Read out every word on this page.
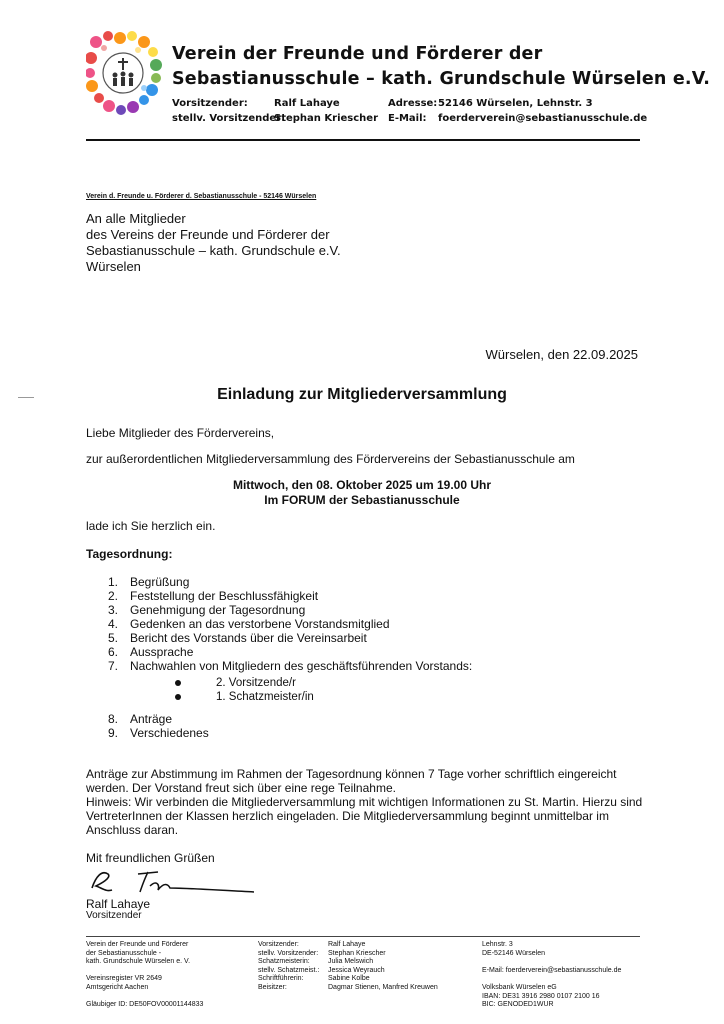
Verein der Freunde und Förderer der
Sebastianusschule – kath. Grundschule Würselen e.V.
Vorsitzender:	Ralf Lahaye
stellv. Vorsitzender:
Stephan Kriescher
Adresse: 52146 Würselen, Lehnstr. 3
E-Mail: foerderverein@sebastianusschule.de
Verein d. Freunde u. Förderer d. Sebastianusschule - 52146 Würselen
An alle Mitglieder
des Vereins der Freunde und Förderer der
Sebastianusschule – kath. Grundschule e.V.
Würselen
Würselen, den 22.09.2025
Einladung zur Mitgliederversammlung
Liebe Mitglieder des Fördervereins,
zur außerordentlichen Mitgliederversammlung des Fördervereins der Sebastianusschule am
Mittwoch, den 08. Oktober 2025 um 19.00 Uhr
Im FORUM der Sebastianusschule
lade ich Sie herzlich ein.
Tagesordnung:
1. Begrüßung
2. Feststellung der Beschlussfähigkeit
3. Genehmigung der Tagesordnung
4. Gedenken an das verstorbene Vorstandsmitglied
5. Bericht des Vorstands über die Vereinsarbeit
6. Aussprache
7. Nachwahlen von Mitgliedern des geschäftsführenden Vorstands:
2. Vorsitzende/r
1. Schatzmeister/in
8. Anträge
9. Verschiedenes
Anträge zur Abstimmung im Rahmen der Tagesordnung können 7 Tage vorher schriftlich eingereicht
werden. Der Vorstand freut sich über eine rege Teilnahme.
Hinweis: Wir verbinden die Mitgliederversammlung mit wichtigen Informationen zu St. Martin. Hierzu sind
VertreterInnen der Klassen herzlich eingeladen. Die Mitgliederversammlung beginnt unmittelbar im
Anschluss daran.
Mit freundlichen Grüßen
Ralf Lahaye
Vorsitzender
Verein der Freunde und Förderer
der Sebastianusschule -
kath. Grundschule Würselen e. V.
Vereinsregister VR 2649
Amtsgericht Aachen
Gläubiger ID: DE50FOV00001144833
Vorsitzender:
stellv. Vorsitzender:
Schatzmeisterin:
stellv. Schatzmeist.:
Schriftführerin:
Beisitzer:
Ralf Lahaye
Stephan Kriescher
Julia Melswich
Jessica Weyrauch
Sabine Kolbe
Dagmar Stienen, Manfred Kreuwen
Lehnstr. 3
DE-52146 Würselen
E-Mail: foerderverein@sebastianusschule.de
Volksbank Würselen eG
IBAN: DE31 3916 2980 0107 2100 16
BIC: GENODED1WUR
